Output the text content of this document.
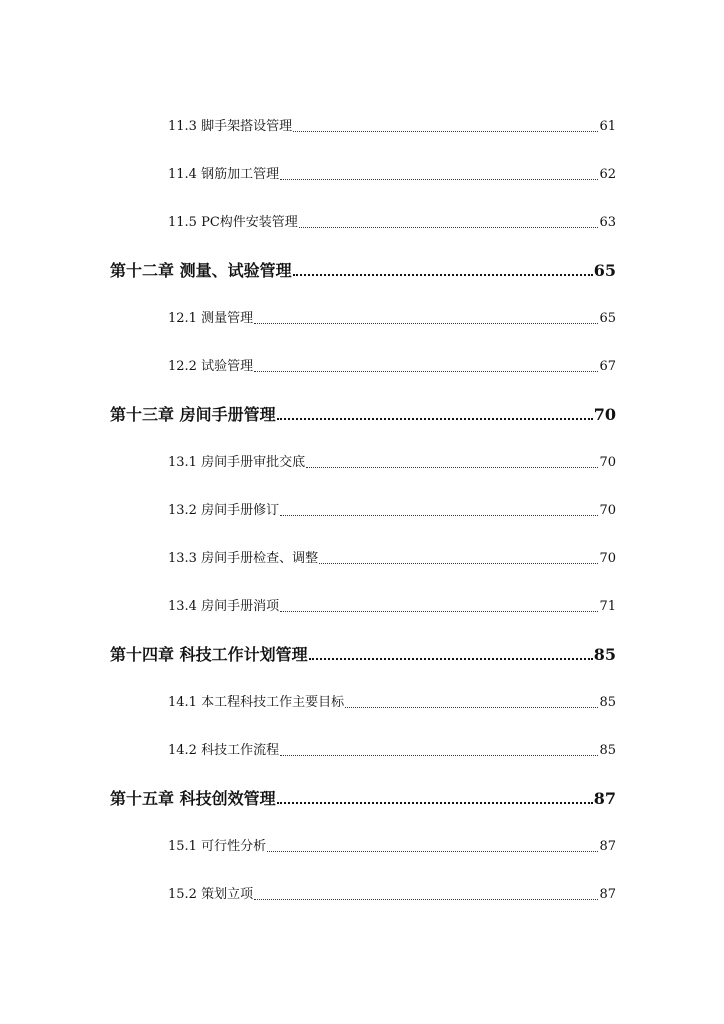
11.3 脚手架搭设管理	61
11.4 钢筋加工管理	62
11.5 PC构件安装管理	63
第十二章 测量、试验管理	65
12.1 测量管理	65
12.2 试验管理	67
第十三章 房间手册管理	70
13.1 房间手册审批交底	70
13.2 房间手册修订	70
13.3 房间手册检查、调整	70
13.4 房间手册消项	71
第十四章 科技工作计划管理	85
14.1 本工程科技工作主要目标	85
14.2 科技工作流程	85
第十五章 科技创效管理	87
15.1 可行性分析	87
15.2 策划立项	87
